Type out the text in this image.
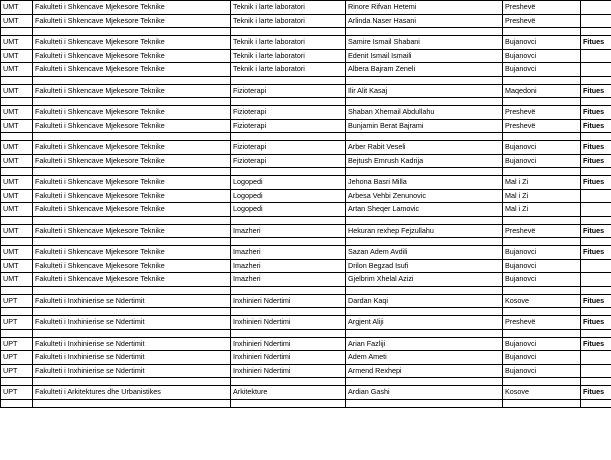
UMT	Fakulteti i Shkencave Mjekesore Teknike	Teknik i larte laboratori	Rinore Rifvan Hetemi	Preshevë	
UMT	Fakulteti i Shkencave Mjekesore Teknike	Teknik i larte laboratori	Arlinda Naser Hasani	Preshevë	

UMT	Fakulteti i Shkencave Mjekesore Teknike	Teknik i larte laboratori	Samire Ismail Shabani	Bujanovci	Fitues
UMT	Fakulteti i Shkencave Mjekesore Teknike	Teknik i larte laboratori	Edenit Ismail Ismaili	Bujanovci	
UMT	Fakulteti i Shkencave Mjekesore Teknike	Teknik i larte laboratori	Albera Bajram Zeneli	Bujanovci	

UMT	Fakulteti i Shkencave Mjekesore Teknike	Fizioterapi	Ilir Alit Kasaj	Maqedoni	Fitues

UMT	Fakulteti i Shkencave Mjekesore Teknike	Fizioterapi	Shaban Xhemail Abdullahu	Preshevë	Fitues
UMT	Fakulteti i Shkencave Mjekesore Teknike	Fizioterapi	Bunjamin Berat Bajrami	Preshevë	Fitues

UMT	Fakulteti i Shkencave Mjekesore Teknike	Fizioterapi	Arber Rabit Veseli	Bujanovci	Fitues
UMT	Fakulteti i Shkencave Mjekesore Teknike	Fizioterapi	Bejtush Emrush Kadrija	Bujanovci	Fitues

UMT	Fakulteti i Shkencave Mjekesore Teknike	Logopedi	Jehona Basri Milla	Mal i Zi	Fitues
UMT	Fakulteti i Shkencave Mjekesore Teknike	Logopedi	Arbesa Vehbi Zenunovic	Mal i Zi	
UMT	Fakulteti i Shkencave Mjekesore Teknike	Logopedi	Artan Sheqer Lamovic	Mal i Zi	

UMT	Fakulteti i Shkencave Mjekesore Teknike	Imazheri	Hekuran rexhep Fejzullahu	Preshevë	Fitues

UMT	Fakulteti i Shkencave Mjekesore Teknike	Imazheri	Sazan Adem Avdili	Bujanovci	Fitues
UMT	Fakulteti i Shkencave Mjekesore Teknike	Imazheri	Drilon Begzad Isufi	Bujanovci	
UMT	Fakulteti i Shkencave Mjekesore Teknike	Imazheri	Gjelbrim Xhelal Azizi	Bujanovci	

UPT	Fakulteti i Inxhinierise se Ndertimit	Inxhinieri Ndertimi	Dardan Kaqi	Kosove	Fitues

UPT	Fakulteti i Inxhinierise se Ndertimit	Inxhinieri Ndertimi	Argjent Aliji	Preshevë	Fitues

UPT	Fakulteti i Inxhinierise se Ndertimit	Inxhinieri Ndertimi	Arian Fazliji	Bujanovci	Fitues
UPT	Fakulteti i Inxhinierise se Ndertimit	Inxhinieri Ndertimi	Adem Ameti	Bujanovci	
UPT	Fakulteti i Inxhinierise se Ndertimit	Inxhinieri Ndertimi	Armend Rexhepi	Bujanovci	

UPT	Fakulteti i Arkitektures dhe Urbanistikes	Arkitekture	Ardian Gashi	Kosove	Fitues
